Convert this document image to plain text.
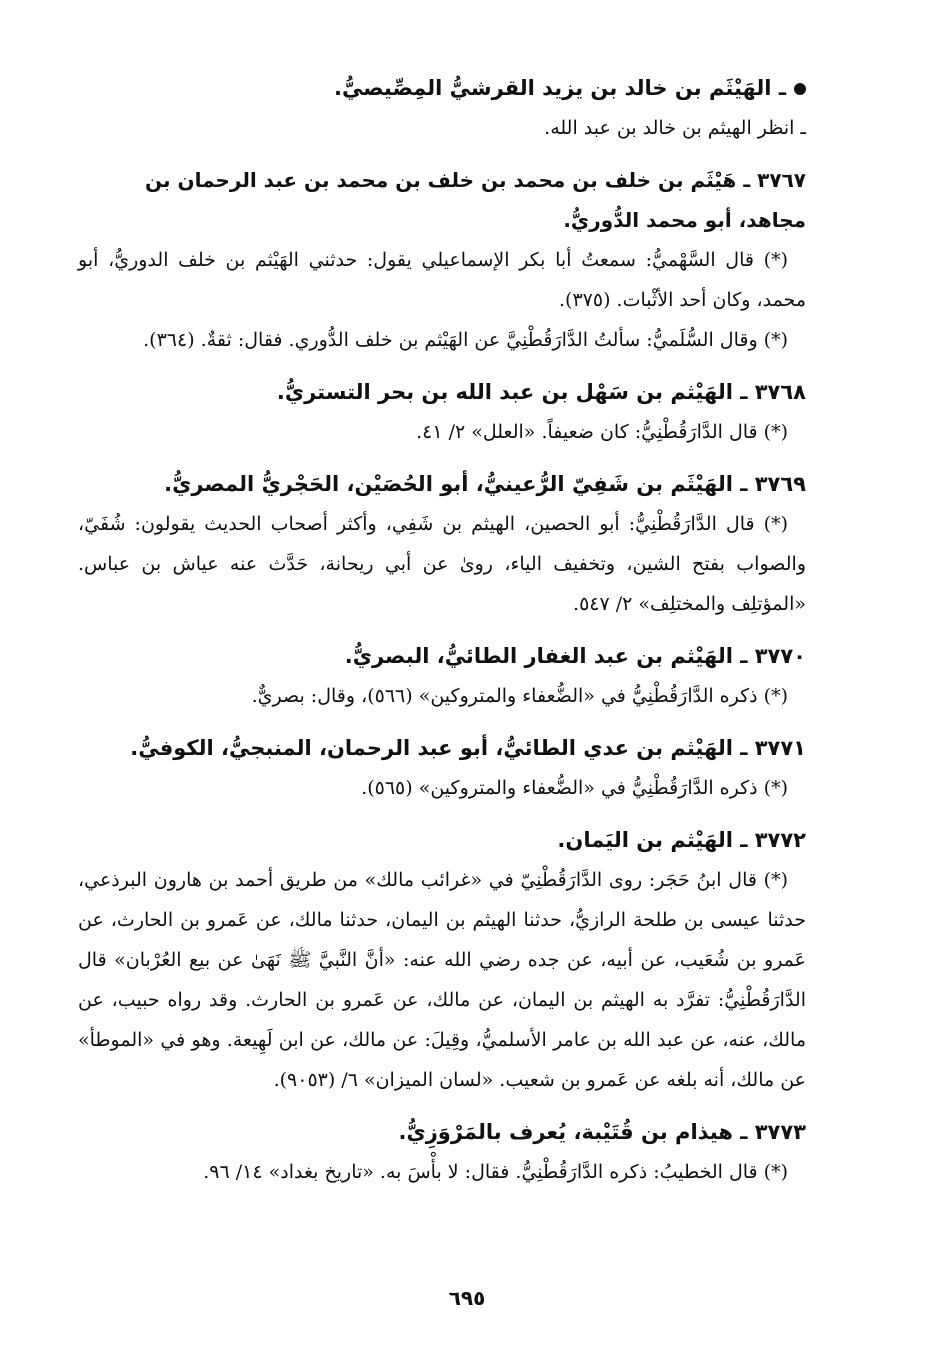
ـ الهَيْثَم بن خالد بن يزيد القرشيُّ المِصِّيصيُّ.

ـ انظر الهيثم بن خالد بن عبد الله.

٣٧٦٧ ـ هَيْثَم بن خلف بن محمد بن خلف بن محمد بن عبد الرحمان بن مجاهد، أبو محمد الدُّوريُّ.

(*) قال السَّهْميُّ: سمعتُ أبا بكر الإسماعيلي يقول: حدثني الهَيْثم بن خلف الدوريُّ، أبو محمد، وكان أحد الأثْبات. (٣٧٥).

(*) وقال السُّلَميُّ: سألتُ الدَّارَقُطْنِيَّ عن الهَيْثم بن خلف الدُّوري. فقال: ثقةٌ. (٣٦٤).

٣٧٦٨ ـ الهَيْثم بن سَهْل بن عبد الله بن بحر التستريُّ.

(*) قال الدَّارَقُطْنِيُّ: كان ضعيفاً. «العلل» ٢/ ٤١.

٣٧٦٩ ـ الهَيْثَم بن شَفِيّ الرُّعينيُّ، أبو الحُصَيْن، الحَجْريُّ المصريُّ.

(*) قال الدَّارَقُطْنِيُّ: أبو الحصين، الهيثم بن شَفِي، وأكثر أصحاب الحديث يقولون: شُفَيّ، والصواب بفتح الشين، وتخفيف الياء، روىٰ عن أبي ريحانة، حَدَّث عنه عياش بن عباس. «المؤتلِف والمختلِف» ٢/ ٥٤٧.

٣٧٧٠ ـ الهَيْثم بن عبد الغفار الطائيُّ، البصريُّ.

(*) ذكره الدَّارَقُطْنِيُّ في «الضُّعفاء والمتروكين» (٥٦٦)، وقال: بصريٌّ.

٣٧٧١ ـ الهَيْثم بن عدي الطائيُّ، أبو عبد الرحمان، المنبجيُّ، الكوفيُّ.

(*) ذكره الدَّارَقُطْنِيُّ في «الضُّعفاء والمتروكين» (٥٦٥).

٣٧٧٢ ـ الهَيْثم بن اليَمان.

(*) قال ابنُ حَجَر: روى الدَّارَقُطْنِيّ في «غرائب مالك» من طريق أحمد بن هارون البرذعي، حدثنا عيسى بن طلحة الرازيُّ، حدثنا الهيثم بن اليمان، حدثنا مالك، عن عَمرو بن الحارث، عن عَمرو بن شُعَيب، عن أبيه، عن جده رضي الله عنه: «أنَّ النَّبيَّ ﷺ نَهَىٰ عن بيع العُرْبان» قال الدَّارَقُطْنِيُّ: تفرَّد به الهيثم بن اليمان، عن مالك، عن عَمرو بن الحارث. وقد رواه حبيب، عن مالك، عنه، عن عبد الله بن عامر الأسلميُّ، وقِيلَ: عن مالك، عن ابن لَهِيعة. وهو في «الموطأ» عن مالك، أنه بلغه عن عَمرو بن شعيب. «لسان الميزان» ٦/ (٩٠٥٣).

٣٧٧٣ ـ هيذام بن قُتَيْبة، يُعرف بالمَرْوَزِيُّ.

(*) قال الخطيبُ: ذكره الدَّارَقُطْنِيُّ. فقال: لا بأْسَ به. «تاريخ بغداد» ١٤/ ٩٦.

٦٩٥
